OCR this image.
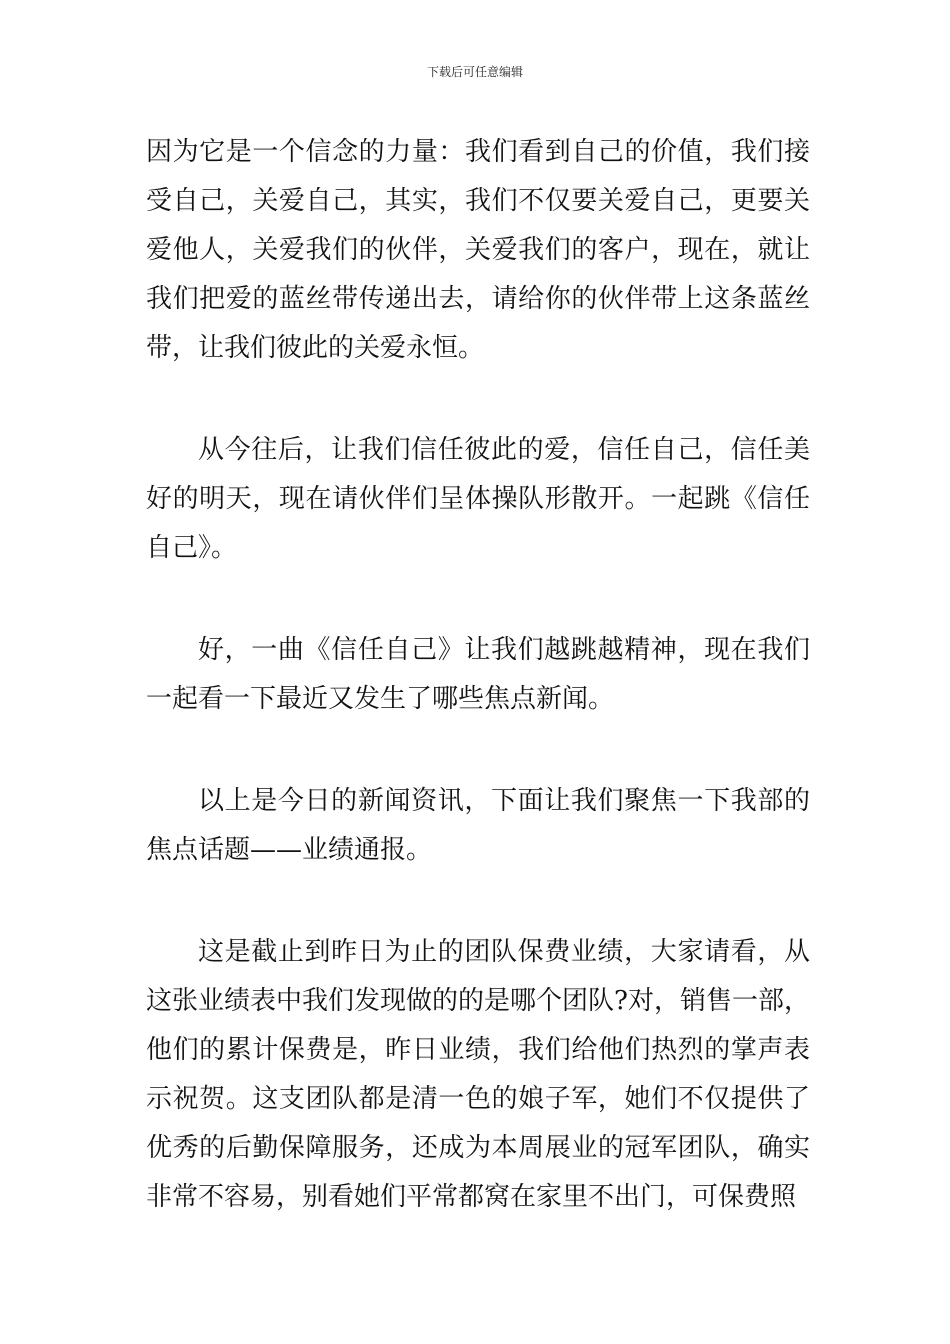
下载后可任意编辑

因为它是一个信念的力量：我们看到自己的价值，我们接受自己，关爱自己，其实，我们不仅要关爱自己，更要关爱他人，关爱我们的伙伴，关爱我们的客户，现在，就让我们把爱的蓝丝带传递出去，请给你的伙伴带上这条蓝丝带，让我们彼此的关爱永恒。

从今往后，让我们信任彼此的爱，信任自己，信任美好的明天，现在请伙伴们呈体操队形散开。一起跳《信任自己》。

好，一曲《信任自己》让我们越跳越精神，现在我们一起看一下最近又发生了哪些焦点新闻。

以上是今日的新闻资讯，下面让我们聚焦一下我部的焦点话题——业绩通报。

这是截止到昨日为止的团队保费业绩，大家请看，从这张业绩表中我们发现做的的是哪个团队?对，销售一部，他们的累计保费是，昨日业绩，我们给他们热烈的掌声表示祝贺。这支团队都是清一色的娘子军，她们不仅提供了优秀的后勤保障服务，还成为本周展业的冠军团队，确实非常不容易，别看她们平常都窝在家里不出门，可保费照
